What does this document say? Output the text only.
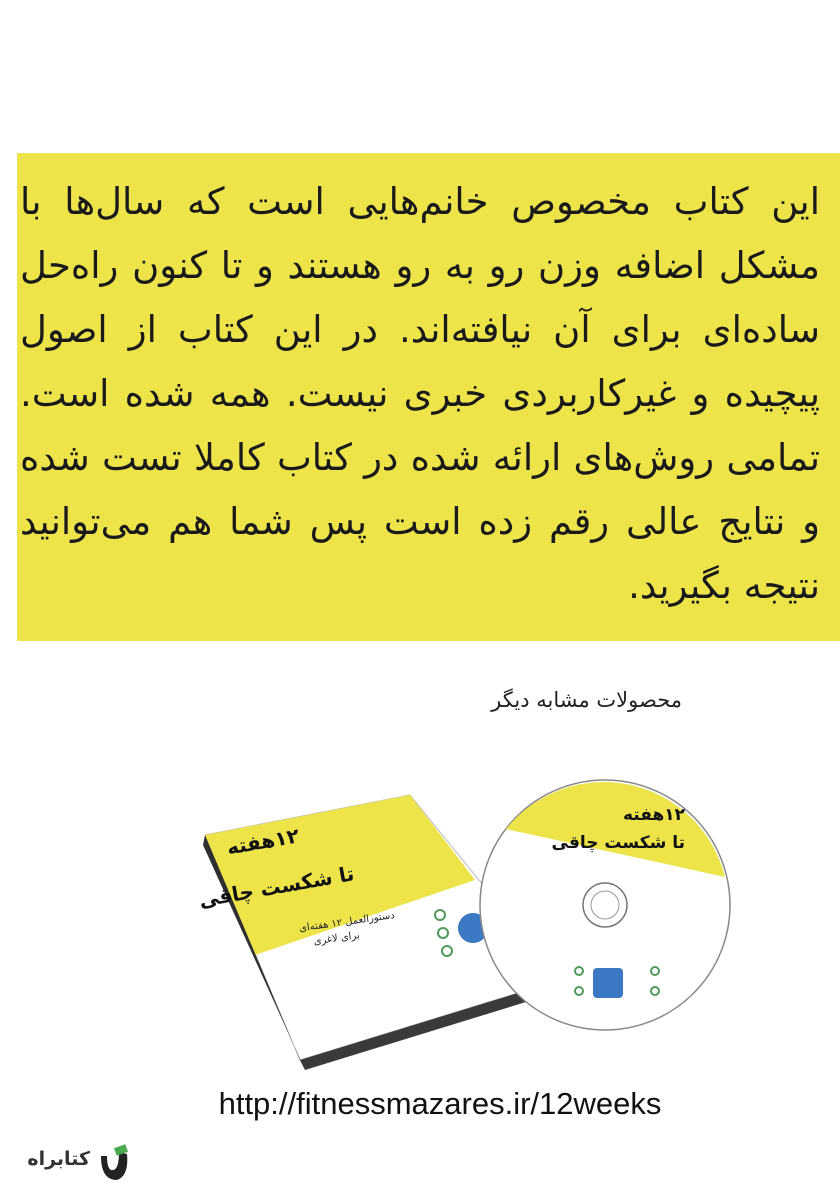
این کتاب مخصوص خانم‌هایی است که سال‌ها با مشکل اضافه وزن رو به رو هستند و تا کنون راه‌حل ساده‌ای برای آن نیافته‌اند. در این کتاب از اصول پیچیده و غیرکاربردی خبری نیست. همه شده است. تمامی روش‌های ارائه شده در کتاب کاملا تست شده و نتایج عالی رقم زده است پس شما هم می‌توانید نتیجه بگیرید.
محصولات مشابه دیگر
۱۲هفته
تا شکست چاقی
دستورالعمل ۱۲ هفته‌ای
برای لاغری
۱۲هفته
تا شکست چاقی
http://fitnessmazares.ir/12weeks
کتابراه
